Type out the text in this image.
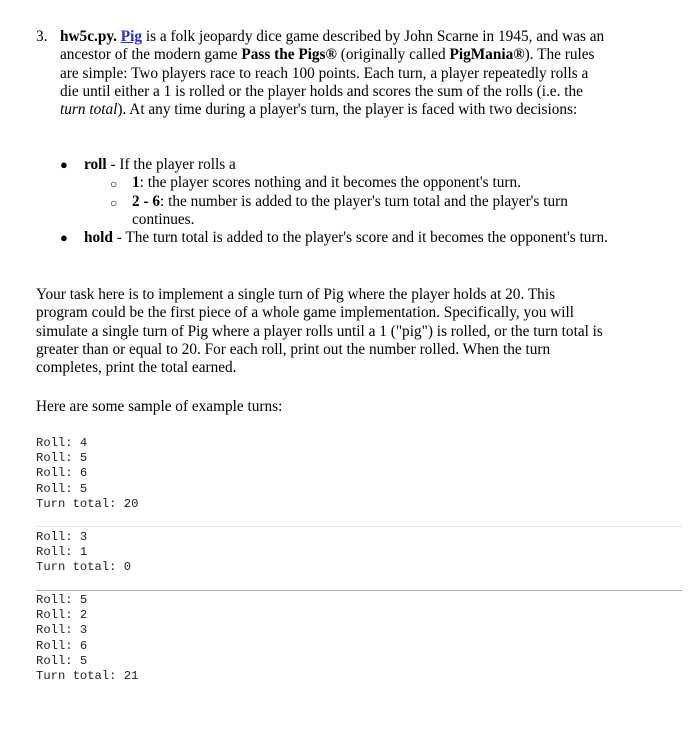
3. hw5c.py. Pig is a folk jeopardy dice game described by John Scarne in 1945, and was an ancestor of the modern game Pass the Pigs® (originally called PigMania®). The rules are simple: Two players race to reach 100 points. Each turn, a player repeatedly rolls a die until either a 1 is rolled or the player holds and scores the sum of the rolls (i.e. the turn total). At any time during a player's turn, the player is faced with two decisions:
● roll - If the player rolls a
○ 1: the player scores nothing and it becomes the opponent's turn.
○ 2 - 6: the number is added to the player's turn total and the player's turn continues.
● hold - The turn total is added to the player's score and it becomes the opponent's turn.
Your task here is to implement a single turn of Pig where the player holds at 20. This program could be the first piece of a whole game implementation. Specifically, you will simulate a single turn of Pig where a player rolls until a 1 ("pig") is rolled, or the turn total is greater than or equal to 20. For each roll, print out the number rolled. When the turn completes, print the total earned.
Here are some sample of example turns:
Roll: 4
Roll: 5
Roll: 6
Roll: 5
Turn total: 20
Roll: 3
Roll: 1
Turn total: 0
Roll: 5
Roll: 2
Roll: 3
Roll: 6
Roll: 5
Turn total: 21
